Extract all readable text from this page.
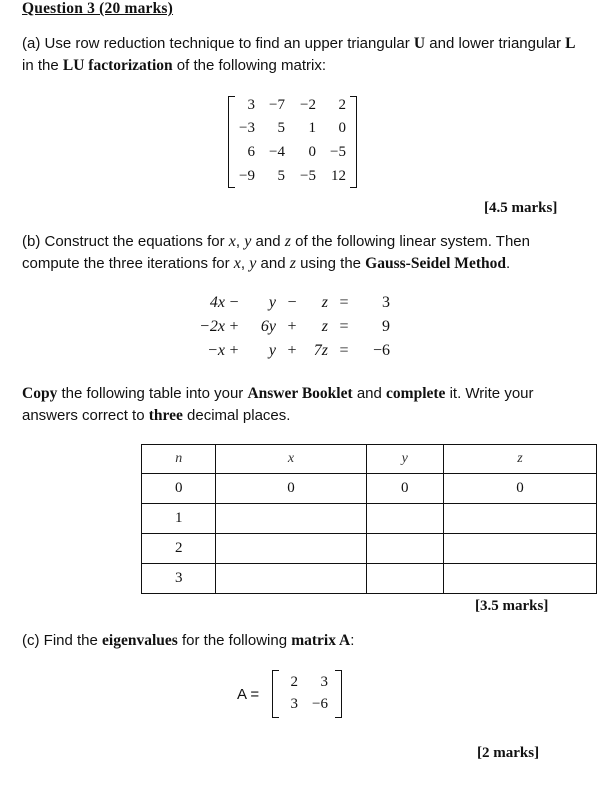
Question 3 (20 marks)
(a) Use row reduction technique to find an upper triangular U and lower triangular L
in the LU factorization of the following matrix:
3 −7	−2	2
−3	5	1	0
6 −4	0 −5
−9	5	−5	12
[4.5 marks]
(b) Construct the equations for x, y and z of the following linear system. Then
compute the three iterations for x, y and z using the Gauss-Seidel Method.
4x −	y −	z =	3
−2x +	6y +	z =	9
−x +	y +	7z =	−6
Copy the following table into your Answer Booklet and complete it. Write your
answers correct to three decimal places.
n	x	y	z
0	0	0	0
1			
2			
3			
[3.5 marks]
(c) Find the eigenvalues for the following matrix A:
A =
2	3
3 −6
[2 marks]
